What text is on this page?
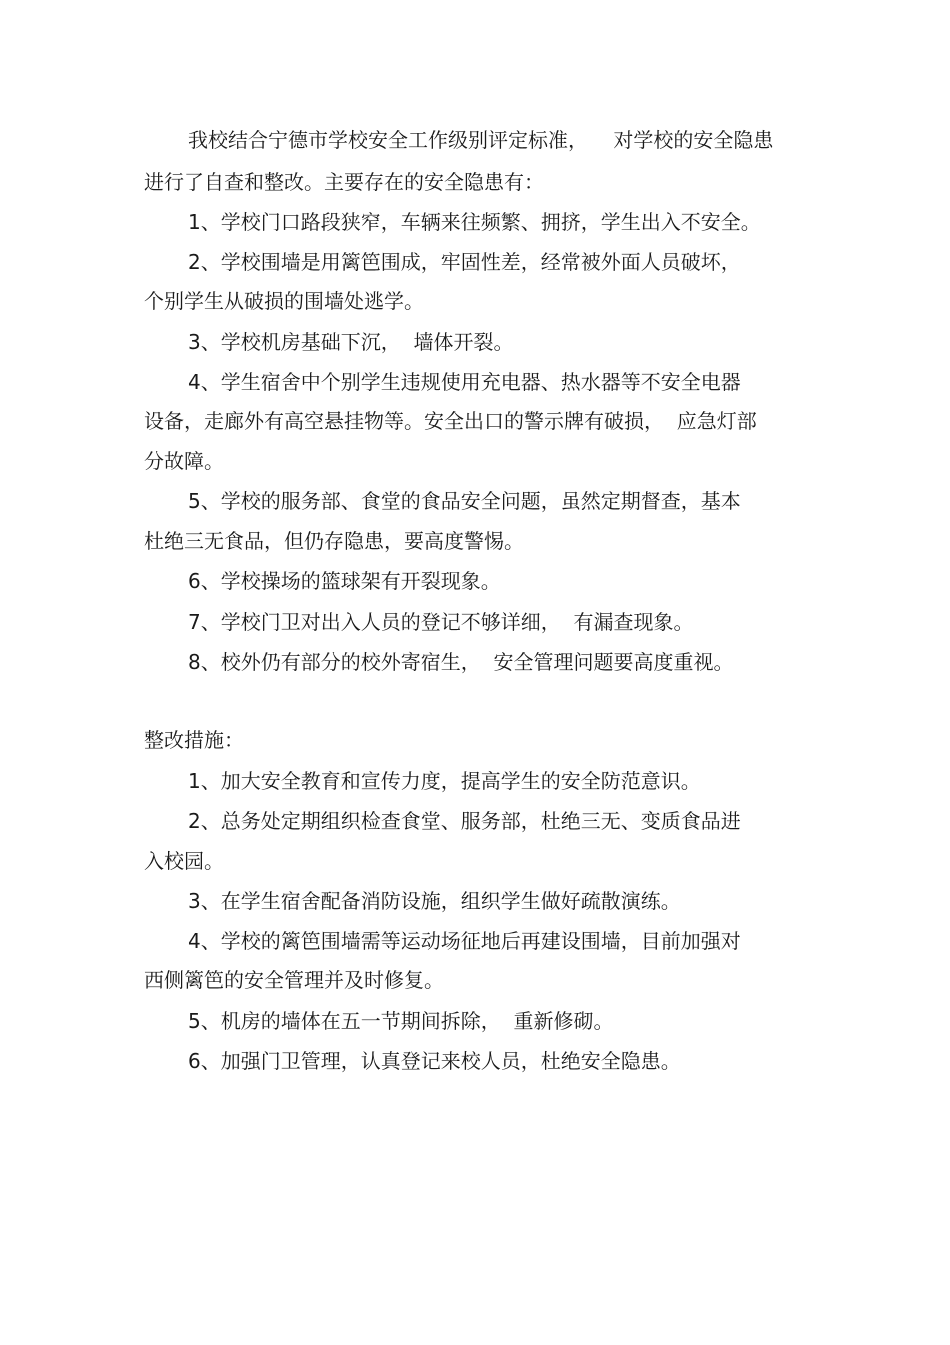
我校结合宁德市学校安全工作级别评定标准，    对学校的安全隐患

进行了自查和整改。主要存在的安全隐患有：

1、学校门口路段狭窄，车辆来往频繁、拥挤，学生出入不安全。

2、学校围墙是用篱笆围成，牢固性差，经常被外面人员破坏，

个别学生从破损的围墙处逃学。

3、学校机房基础下沉，  墙体开裂。

4、学生宿舍中个别学生违规使用充电器、热水器等不安全电器

设备，走廊外有高空悬挂物等。安全出口的警示牌有破损，  应急灯部

分故障。

5、学校的服务部、食堂的食品安全问题，虽然定期督查，基本

杜绝三无食品，但仍存隐患，要高度警惕。

6、学校操场的篮球架有开裂现象。

7、学校门卫对出入人员的登记不够详细，  有漏查现象。

8、校外仍有部分的校外寄宿生，  安全管理问题要高度重视。

整改措施：

1、加大安全教育和宣传力度，提高学生的安全防范意识。

2、总务处定期组织检查食堂、服务部，杜绝三无、变质食品进

入校园。

3、在学生宿舍配备消防设施，组织学生做好疏散演练。

4、学校的篱笆围墙需等运动场征地后再建设围墙，目前加强对

西侧篱笆的安全管理并及时修复。

5、机房的墙体在五一节期间拆除，  重新修砌。

6、加强门卫管理，认真登记来校人员，杜绝安全隐患。
